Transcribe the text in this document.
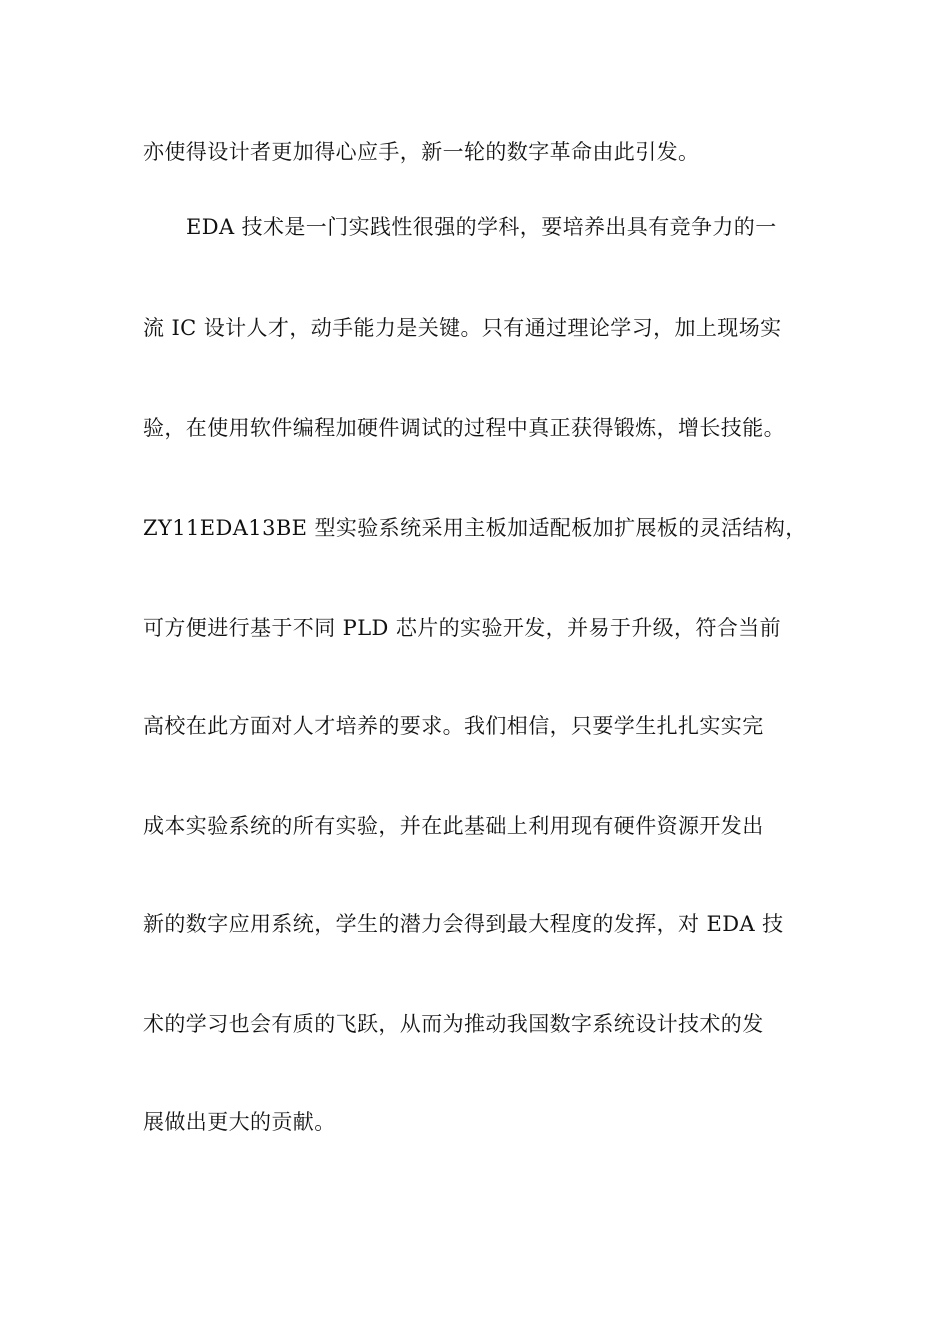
亦使得设计者更加得心应手，新一轮的数字革命由此引发。
EDA 技术是一门实践性很强的学科，要培养出具有竞争力的一
流 IC 设计人才，动手能力是关键。只有通过理论学习，加上现场实
验，在使用软件编程加硬件调试的过程中真正获得锻炼，增长技能。
ZY11EDA13BE 型实验系统采用主板加适配板加扩展板的灵活结构，
可方便进行基于不同 PLD 芯片的实验开发，并易于升级，符合当前
高校在此方面对人才培养的要求。我们相信，只要学生扎扎实实完
成本实验系统的所有实验，并在此基础上利用现有硬件资源开发出
新的数字应用系统，学生的潜力会得到最大程度的发挥，对 EDA 技
术的学习也会有质的飞跃，从而为推动我国数字系统设计技术的发
展做出更大的贡献。
